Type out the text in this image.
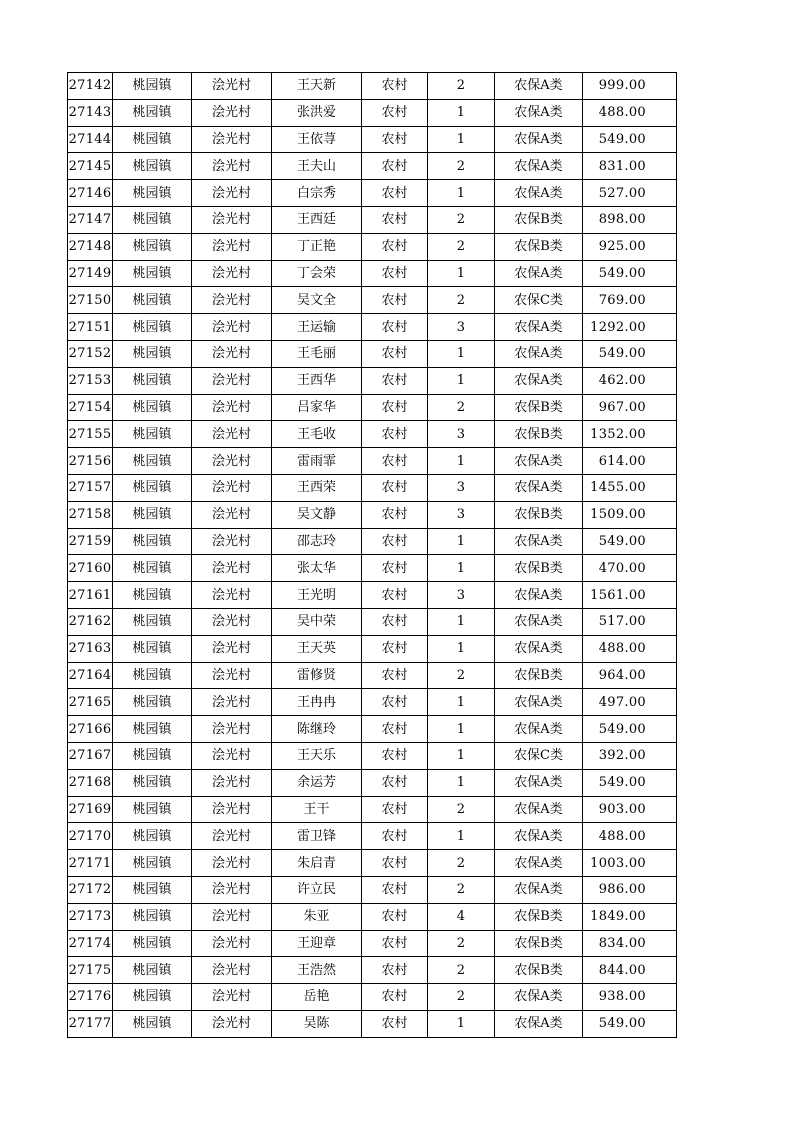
27142	桃园镇	浍光村	王天新	农村	2	农保A类	999.00
27143	桃园镇	浍光村	张洪爱	农村	1	农保A类	488.00
27144	桃园镇	浍光村	王依荨	农村	1	农保A类	549.00
27145	桃园镇	浍光村	王夫山	农村	2	农保A类	831.00
27146	桃园镇	浍光村	白宗秀	农村	1	农保A类	527.00
27147	桃园镇	浍光村	王西廷	农村	2	农保B类	898.00
27148	桃园镇	浍光村	丁正艳	农村	2	农保B类	925.00
27149	桃园镇	浍光村	丁会荣	农村	1	农保A类	549.00
27150	桃园镇	浍光村	吴文全	农村	2	农保C类	769.00
27151	桃园镇	浍光村	王运输	农村	3	农保A类	1292.00
27152	桃园镇	浍光村	王毛丽	农村	1	农保A类	549.00
27153	桃园镇	浍光村	王西华	农村	1	农保A类	462.00
27154	桃园镇	浍光村	吕家华	农村	2	农保B类	967.00
27155	桃园镇	浍光村	王毛收	农村	3	农保B类	1352.00
27156	桃园镇	浍光村	雷雨霏	农村	1	农保A类	614.00
27157	桃园镇	浍光村	王西荣	农村	3	农保A类	1455.00
27158	桃园镇	浍光村	吴文静	农村	3	农保B类	1509.00
27159	桃园镇	浍光村	邵志玲	农村	1	农保A类	549.00
27160	桃园镇	浍光村	张太华	农村	1	农保B类	470.00
27161	桃园镇	浍光村	王光明	农村	3	农保A类	1561.00
27162	桃园镇	浍光村	吴中荣	农村	1	农保A类	517.00
27163	桃园镇	浍光村	王天英	农村	1	农保A类	488.00
27164	桃园镇	浍光村	雷修贤	农村	2	农保B类	964.00
27165	桃园镇	浍光村	王冉冉	农村	1	农保A类	497.00
27166	桃园镇	浍光村	陈继玲	农村	1	农保A类	549.00
27167	桃园镇	浍光村	王天乐	农村	1	农保C类	392.00
27168	桃园镇	浍光村	余运芳	农村	1	农保A类	549.00
27169	桃园镇	浍光村	王干	农村	2	农保A类	903.00
27170	桃园镇	浍光村	雷卫锋	农村	1	农保A类	488.00
27171	桃园镇	浍光村	朱启青	农村	2	农保A类	1003.00
27172	桃园镇	浍光村	许立民	农村	2	农保A类	986.00
27173	桃园镇	浍光村	朱亚	农村	4	农保B类	1849.00
27174	桃园镇	浍光村	王迎章	农村	2	农保B类	834.00
27175	桃园镇	浍光村	王浩然	农村	2	农保B类	844.00
27176	桃园镇	浍光村	岳艳	农村	2	农保A类	938.00
27177	桃园镇	浍光村	吴陈	农村	1	农保A类	549.00
